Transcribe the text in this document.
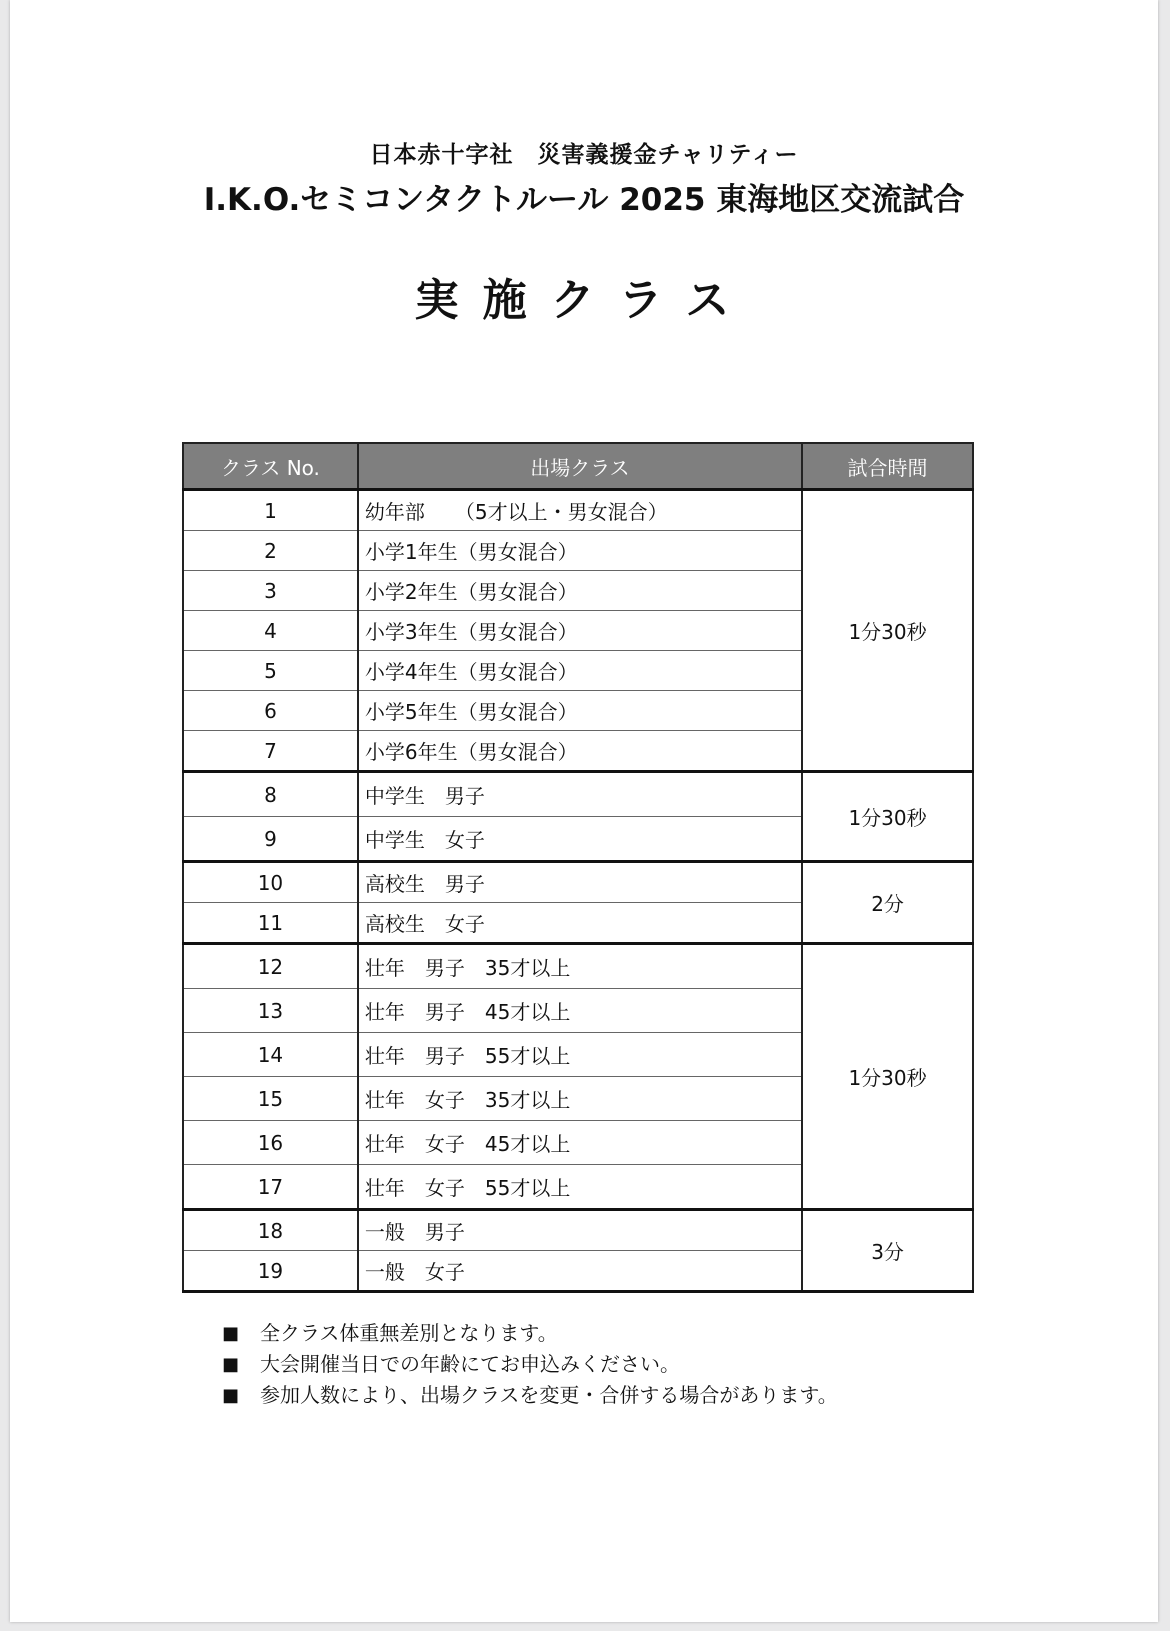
日本赤十字社　災害義援金チャリティー
I.K.O.セミコンタクトルール 2025 東海地区交流試合
実施クラス
クラス No.	出場クラス	試合時間
1	幼年部　　（5才以上・男女混合）	1分30秒
2	小学1年生（男女混合）	
3	小学2年生（男女混合）	
4	小学3年生（男女混合）	
5	小学4年生（男女混合）	
6	小学5年生（男女混合）	
7	小学6年生（男女混合）	
8	中学生　男子	1分30秒
9	中学生　女子	
10	高校生　男子	2分
11	高校生　女子	
12	壮年　男子　35才以上	1分30秒
13	壮年　男子　45才以上	
14	壮年　男子　55才以上	
15	壮年　女子　35才以上	
16	壮年　女子　45才以上	
17	壮年　女子　55才以上	
18	一般　男子	3分
19	一般　女子	
■	全クラス体重無差別となります。
■	大会開催当日での年齢にてお申込みください。
■	参加人数により、出場クラスを変更・合併する場合があります。
